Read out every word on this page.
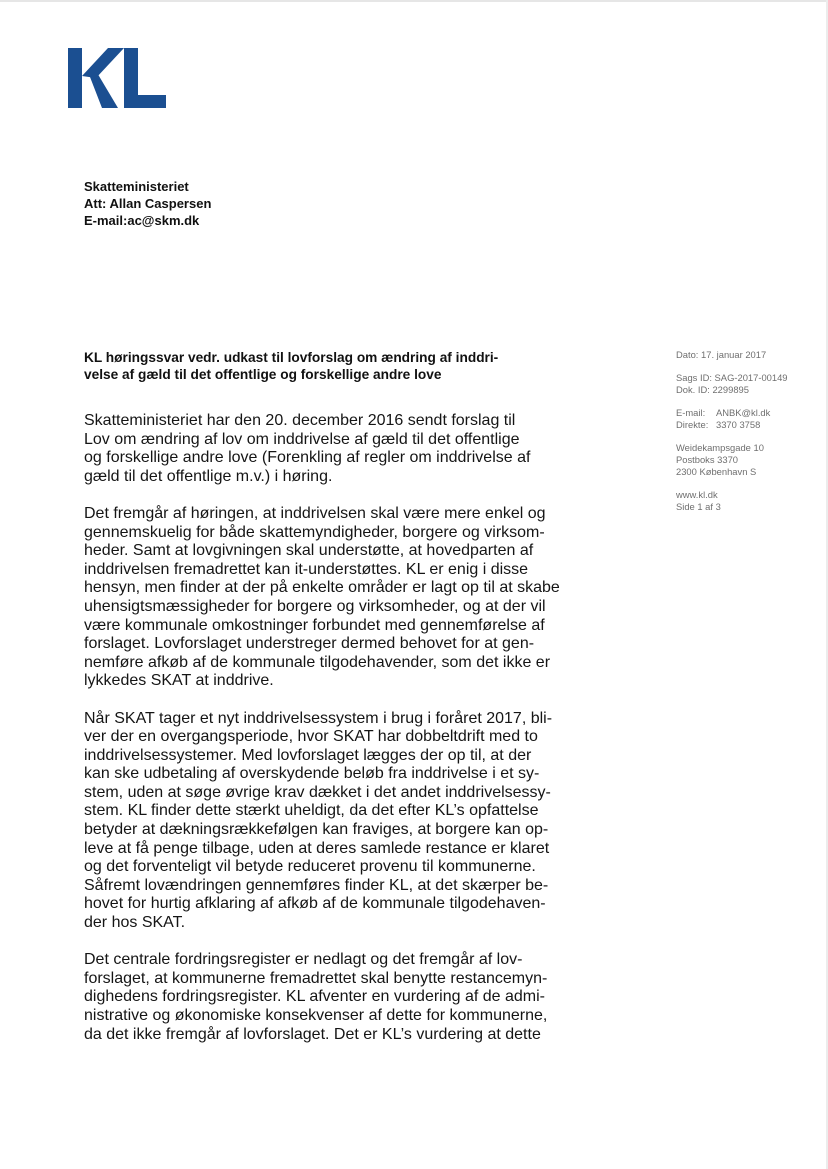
Skatteministeriet
Att: Allan Caspersen
E-mail:ac@skm.dk
KL høringssvar vedr. udkast til lovforslag om ændring af inddri-
velse af gæld til det offentlige og forskellige andre love
Dato: 17. januar 2017
Sags ID: SAG-2017-00149
Dok. ID: 2299895
E-mail: ANBK@kl.dk
Direkte: 3370 3758
Weidekampsgade 10
Postboks 3370
2300 København S
www.kl.dk
Side 1 af 3
Skatteministeriet har den 20. december 2016 sendt forslag til
Lov om ændring af lov om inddrivelse af gæld til det offentlige
og forskellige andre love (Forenkling af regler om inddrivelse af
gæld til det offentlige m.v.) i høring.
Det fremgår af høringen, at inddrivelsen skal være mere enkel og
gennemskuelig for både skattemyndigheder, borgere og virksom-
heder. Samt at lovgivningen skal understøtte, at hovedparten af
inddrivelsen fremadrettet kan it-understøttes. KL er enig i disse
hensyn, men finder at der på enkelte områder er lagt op til at skabe
uhensigtsmæssigheder for borgere og virksomheder, og at der vil
være kommunale omkostninger forbundet med gennemførelse af
forslaget. Lovforslaget understreger dermed behovet for at gen-
nemføre afkøb af de kommunale tilgodehavender, som det ikke er
lykkedes SKAT at inddrive.
Når SKAT tager et nyt inddrivelsessystem i brug i foråret 2017, bli-
ver der en overgangsperiode, hvor SKAT har dobbeltdrift med to
inddrivelsessystemer. Med lovforslaget lægges der op til, at der
kan ske udbetaling af overskydende beløb fra inddrivelse i et sy-
stem, uden at søge øvrige krav dækket i det andet inddrivelsessy-
stem. KL finder dette stærkt uheldigt, da det efter KL’s opfattelse
betyder at dækningsrækkefølgen kan fraviges, at borgere kan op-
leve at få penge tilbage, uden at deres samlede restance er klaret
og det forventeligt vil betyde reduceret provenu til kommunerne.
Såfremt lovændringen gennemføres finder KL, at det skærper be-
hovet for hurtig afklaring af afkøb af de kommunale tilgodehaven-
der hos SKAT.
Det centrale fordringsregister er nedlagt og det fremgår af lov-
forslaget, at kommunerne fremadrettet skal benytte restancemyn-
dighedens fordringsregister. KL afventer en vurdering af de admi-
nistrative og økonomiske konsekvenser af dette for kommunerne,
da det ikke fremgår af lovforslaget. Det er KL’s vurdering at dette
